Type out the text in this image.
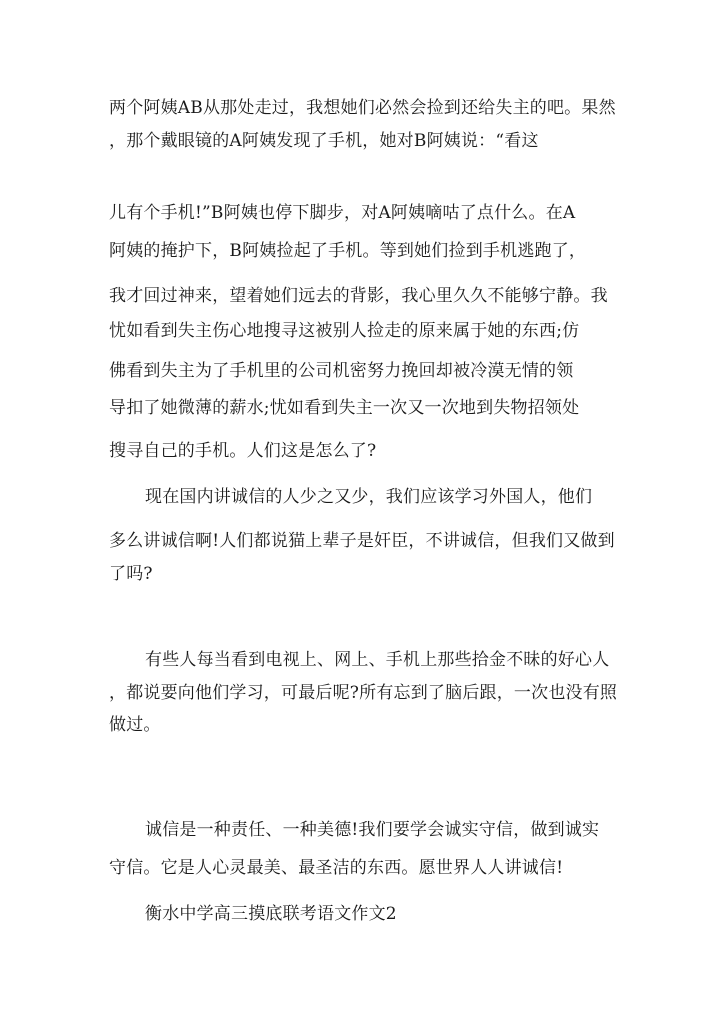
两个阿姨AB从那处走过，我想她们必然会捡到还给失主的吧。果然
，那个戴眼镜的A阿姨发现了手机，她对B阿姨说：“看这
儿有个手机!”B阿姨也停下脚步，对A阿姨嘀咕了点什么。在A
阿姨的掩护下，B阿姨捡起了手机。等到她们捡到手机逃跑了，
我才回过神来，望着她们远去的背影，我心里久久不能够宁静。我
忧如看到失主伤心地搜寻这被别人捡走的原来属于她的东西;仿
佛看到失主为了手机里的公司机密努力挽回却被冷漠无情的领
导扣了她微薄的薪水;忧如看到失主一次又一次地到失物招领处
搜寻自己的手机。人们这是怎么了?
现在国内讲诚信的人少之又少，我们应该学习外国人，他们
多么讲诚信啊!人们都说猫上辈子是奸臣，不讲诚信，但我们又做到
了吗?
有些人每当看到电视上、网上、手机上那些拾金不昧的好心人
，都说要向他们学习，可最后呢?所有忘到了脑后跟，一次也没有照
做过。
诚信是一种责任、一种美德!我们要学会诚实守信，做到诚实
守信。它是人心灵最美、最圣洁的东西。愿世界人人讲诚信!
衡水中学高三摸底联考语文作文2
